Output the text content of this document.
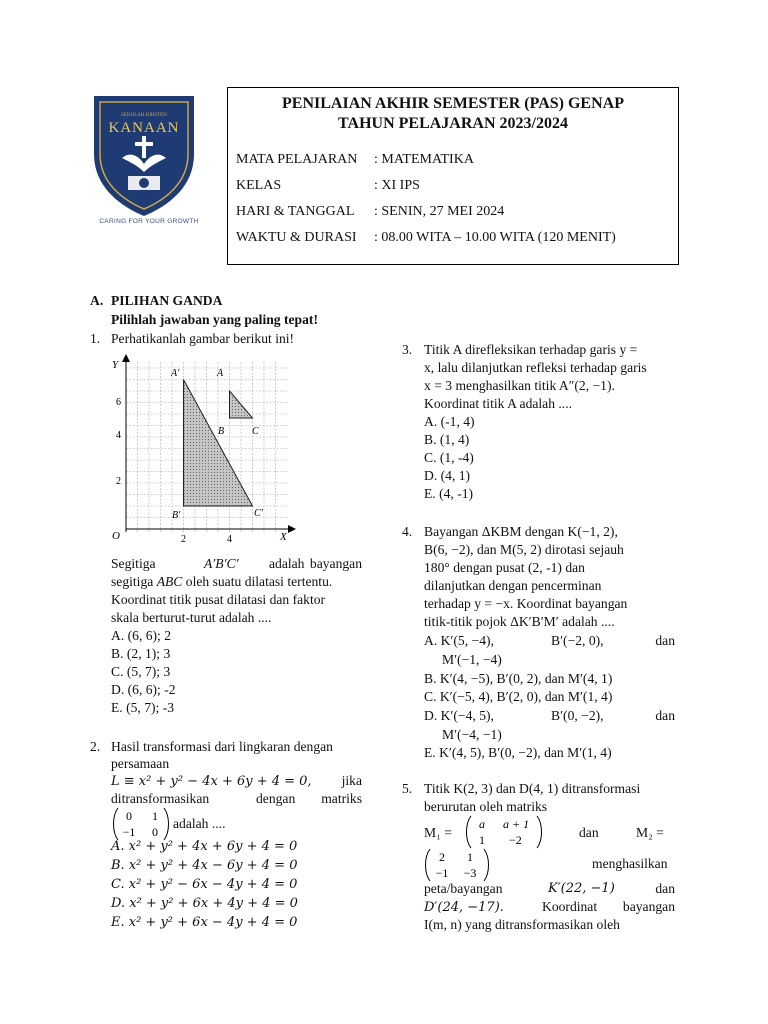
SEKOLAH KRISTEN
KANAAN
CARING FOR YOUR GROWTH
PENILAIAN AKHIR SEMESTER (PAS) GENAP
TAHUN PELAJARAN 2023/2024
MATA PELAJARAN : MATEMATIKA
KELAS	: XI IPS
HARI & TANGGAL : SENIN, 27 MEI 2024
WAKTU & DURASI : 08.00 WITA – 10.00 WITA (120 MENIT)
A. PILIHAN GANDA
Pilihlah jawaban yang paling tepat!
1. Perhatikanlah gambar berikut ini!
Y
X
O
2
4
6
2	4
A′	A
B	C
B′	C′
Segitiga	A′B′C′ adalah bayangan
segitiga ABC oleh suatu dilatasi tertentu.
Koordinat titik pusat dilatasi dan faktor
skala berturut-turut adalah ....
A. (6, 6); 2
B. (2, 1); 3
C. (5, 7); 3
D. (6, 6); -2
E. (5, 7); -3
2. Hasil transformasi dari lingkaran dengan
persamaan
L ≡ x² + y² − 4x + 6y + 4 = 0, jika
ditransformasikan	dengan matriks
0 1
−1 0
adalah ....
A. x² + y² + 4x + 6y + 4 = 0
B. x² + y² + 4x − 6y + 4 = 0
C. x² + y² − 6x − 4y + 4 = 0
D. x² + y² + 6x + 4y + 4 = 0
E. x² + y² + 6x − 4y + 4 = 0
3. Titik A direfleksikan terhadap garis y =
x, lalu dilanjutkan refleksi terhadap garis
x = 3 menghasilkan titik A″(2, −1).
Koordinat titik A adalah ....
A. (-1, 4)
B. (1, 4)
C. (1, -4)
D. (4, 1)
E. (4, -1)
4. Bayangan ΔKBM dengan K(−1, 2),
B(6, −2), dan M(5, 2) dirotasi sejauh
180° dengan pusat (2, -1) dan
dilanjutkan dengan pencerminan
terhadap y = −x. Koordinat bayangan
titik-titik pojok ΔK′B′M′ adalah ....
A. K′(5, −4),	B′(−2, 0),	dan
M′(−1, −4)
B. K′(4, −5), B′(0, 2), dan M′(4, 1)
C. K′(−5, 4), B′(2, 0), dan M′(1, 4)
D. K′(−4, 5),	B′(0, −2),	dan
M′(−4, −1)
E. K′(4, 5), B′(0, −2), dan M′(1, 4)
5. Titik K(2, 3) dan D(4, 1) ditransformasi
berurutan oleh matriks
M₁ =
a a + 1
1 −2	dan	M₂ =
2 1
−1 −3
menghasilkan
peta/bayangan	K′(22, −1)	dan
D′(24, −17).	Koordinat bayangan
I(m, n) yang ditransformasikan oleh
